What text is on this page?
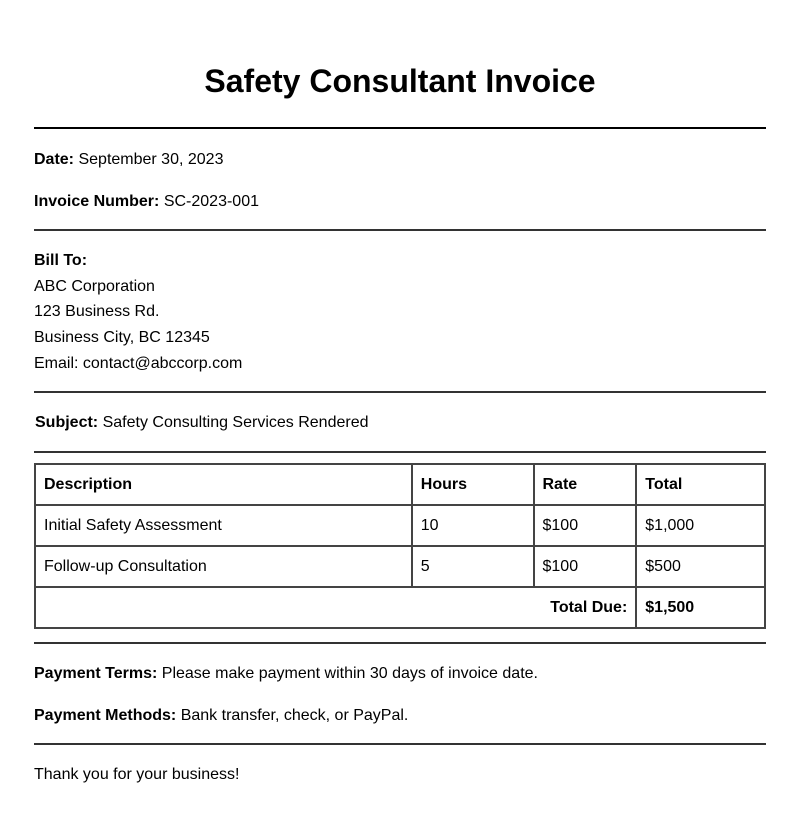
Safety Consultant Invoice
Date: September 30, 2023
Invoice Number: SC-2023-001
Bill To:
ABC Corporation
123 Business Rd.
Business City, BC 12345
Email: contact@abccorp.com
Subject: Safety Consulting Services Rendered
Description	Hours	Rate	Total
Initial Safety Assessment	10	$100	$1,000
Follow-up Consultation	5	$100	$500
Total Due:			$1,500
Payment Terms: Please make payment within 30 days of invoice date.
Payment Methods: Bank transfer, check, or PayPal.
Thank you for your business!
